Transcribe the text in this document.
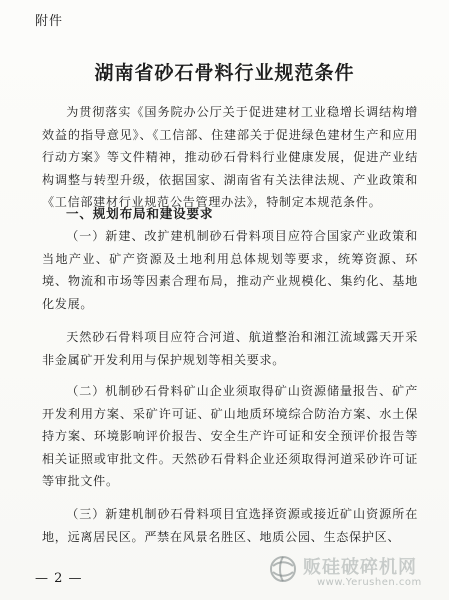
附件
湖南省砂石骨料行业规范条件

为贯彻落实《国务院办公厅关于促进建材工业稳增长调结构增效益的指导意见》、《工信部、住建部关于促进绿色建材生产和应用行动方案》等文件精神，推动砂石骨料行业健康发展，促进产业结构调整与转型升级，依据国家、湖南省有关法律法规、产业政策和《工信部建材行业规范公告管理办法》，特制定本规范条件。

一、规划布局和建设要求

（一）新建、改扩建机制砂石骨料项目应符合国家产业政策和当地产业、矿产资源及土地利用总体规划等要求，统筹资源、环境、物流和市场等因素合理布局，推动产业规模化、集约化、基地化发展。

天然砂石骨料项目应符合河道、航道整治和湘江流域露天开采非金属矿开发利用与保护规划等相关要求。

（二）机制砂石骨料矿山企业须取得矿山资源储量报告、矿产开发利用方案、采矿许可证、矿山地质环境综合防治方案、水土保持方案、环境影响评价报告、安全生产许可证和安全预评价报告等相关证照或审批文件。天然砂石骨料企业还须取得河道采砂许可证等审批文件。

（三）新建机制砂石骨料项目宜选择资源或接近矿山资源所在地，远离居民区。严禁在风景名胜区、地质公园、生态保护区、

— 2 —
贩硅破碎机网
www.Yerushen.com
